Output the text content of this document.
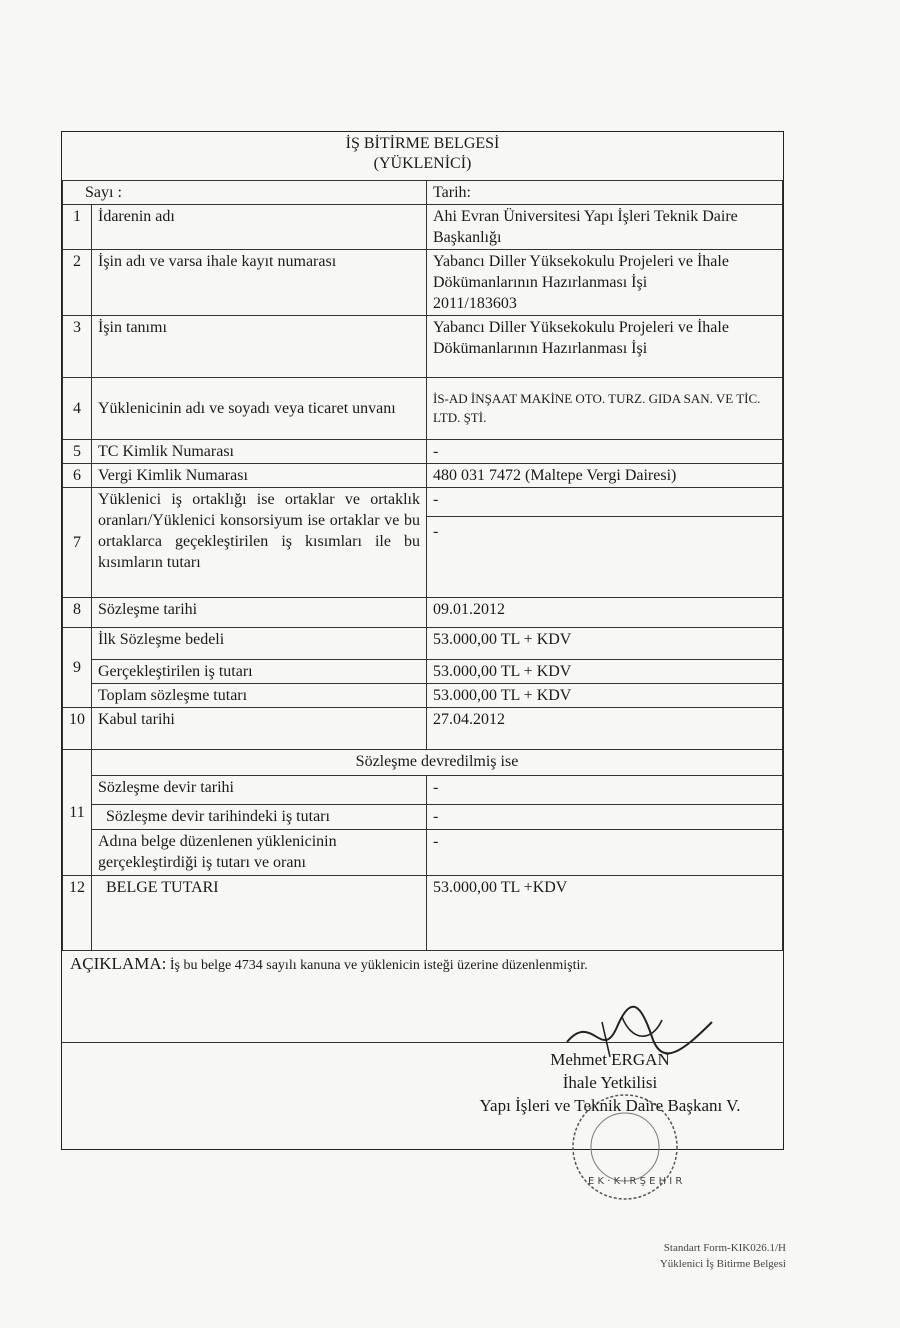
İŞ BİTİRME BELGESİ
(YÜKLENİCİ)		

Sayı :		Tarih:
1	İdarenin adı	Ahi Evran Üniversitesi Yapı İşleri Teknik Daire Başkanlığı
2	İşin adı ve varsa ihale kayıt numarası	Yabancı Diller Yüksekokulu Projeleri ve İhale Dökümanlarının Hazırlanması İşi
2011/183603

3	İşin tanımı	Yabancı Diller Yüksekokulu Projeleri ve İhale Dökümanlarının Hazırlanması İşi
4	Yüklenicinin adı ve soyadı veya ticaret unvanı	İS-AD İNŞAAT MAKİNE OTO. TURZ. GIDA SAN. VE TİC. LTD. ŞTİ.
5	TC Kimlik Numarası	-
6	Vergi Kimlik Numarası	480 031 7472 (Maltepe Vergi Dairesi)
7	Yüklenici iş ortaklığı ise ortaklar ve ortaklık oranları/Yüklenici konsorsiyum ise ortaklar ve bu ortaklarca geçekleştirilen iş kısımları ile bu kısımların tutarı	-
-

8	Sözleşme tarihi	09.01.2012
9	İlk Sözleşme bedeli	53.000,00 TL + KDV
	Gerçekleştirilen iş tutarı	53.000,00 TL + KDV
	Toplam sözleşme tutarı	53.000,00 TL + KDV
10	Kabul tarihi	27.04.2012
11	Sözleşme devredilmiş ise	
	Sözleşme devir tarihi	-
	Sözleşme devir tarihindeki iş tutarı	-
	Adına belge düzenlenen yüklenicinin gerçekleştirdiği iş tutarı ve oranı	-
12	BELGE TUTARI	53.000,00 TL +KDV
AÇIKLAMA: İş bu belge 4734 sayılı kanuna ve yüklenicin isteği üzerine düzenlenmiştir.
E K · K I R Ş E H I R
Mehmet ERGAN
İhale Yetkilisi
Yapı İşleri ve Teknik Daire Başkanı V.
Standart Form-KIK026.1/H
Yüklenici İş Bitirme Belgesi
